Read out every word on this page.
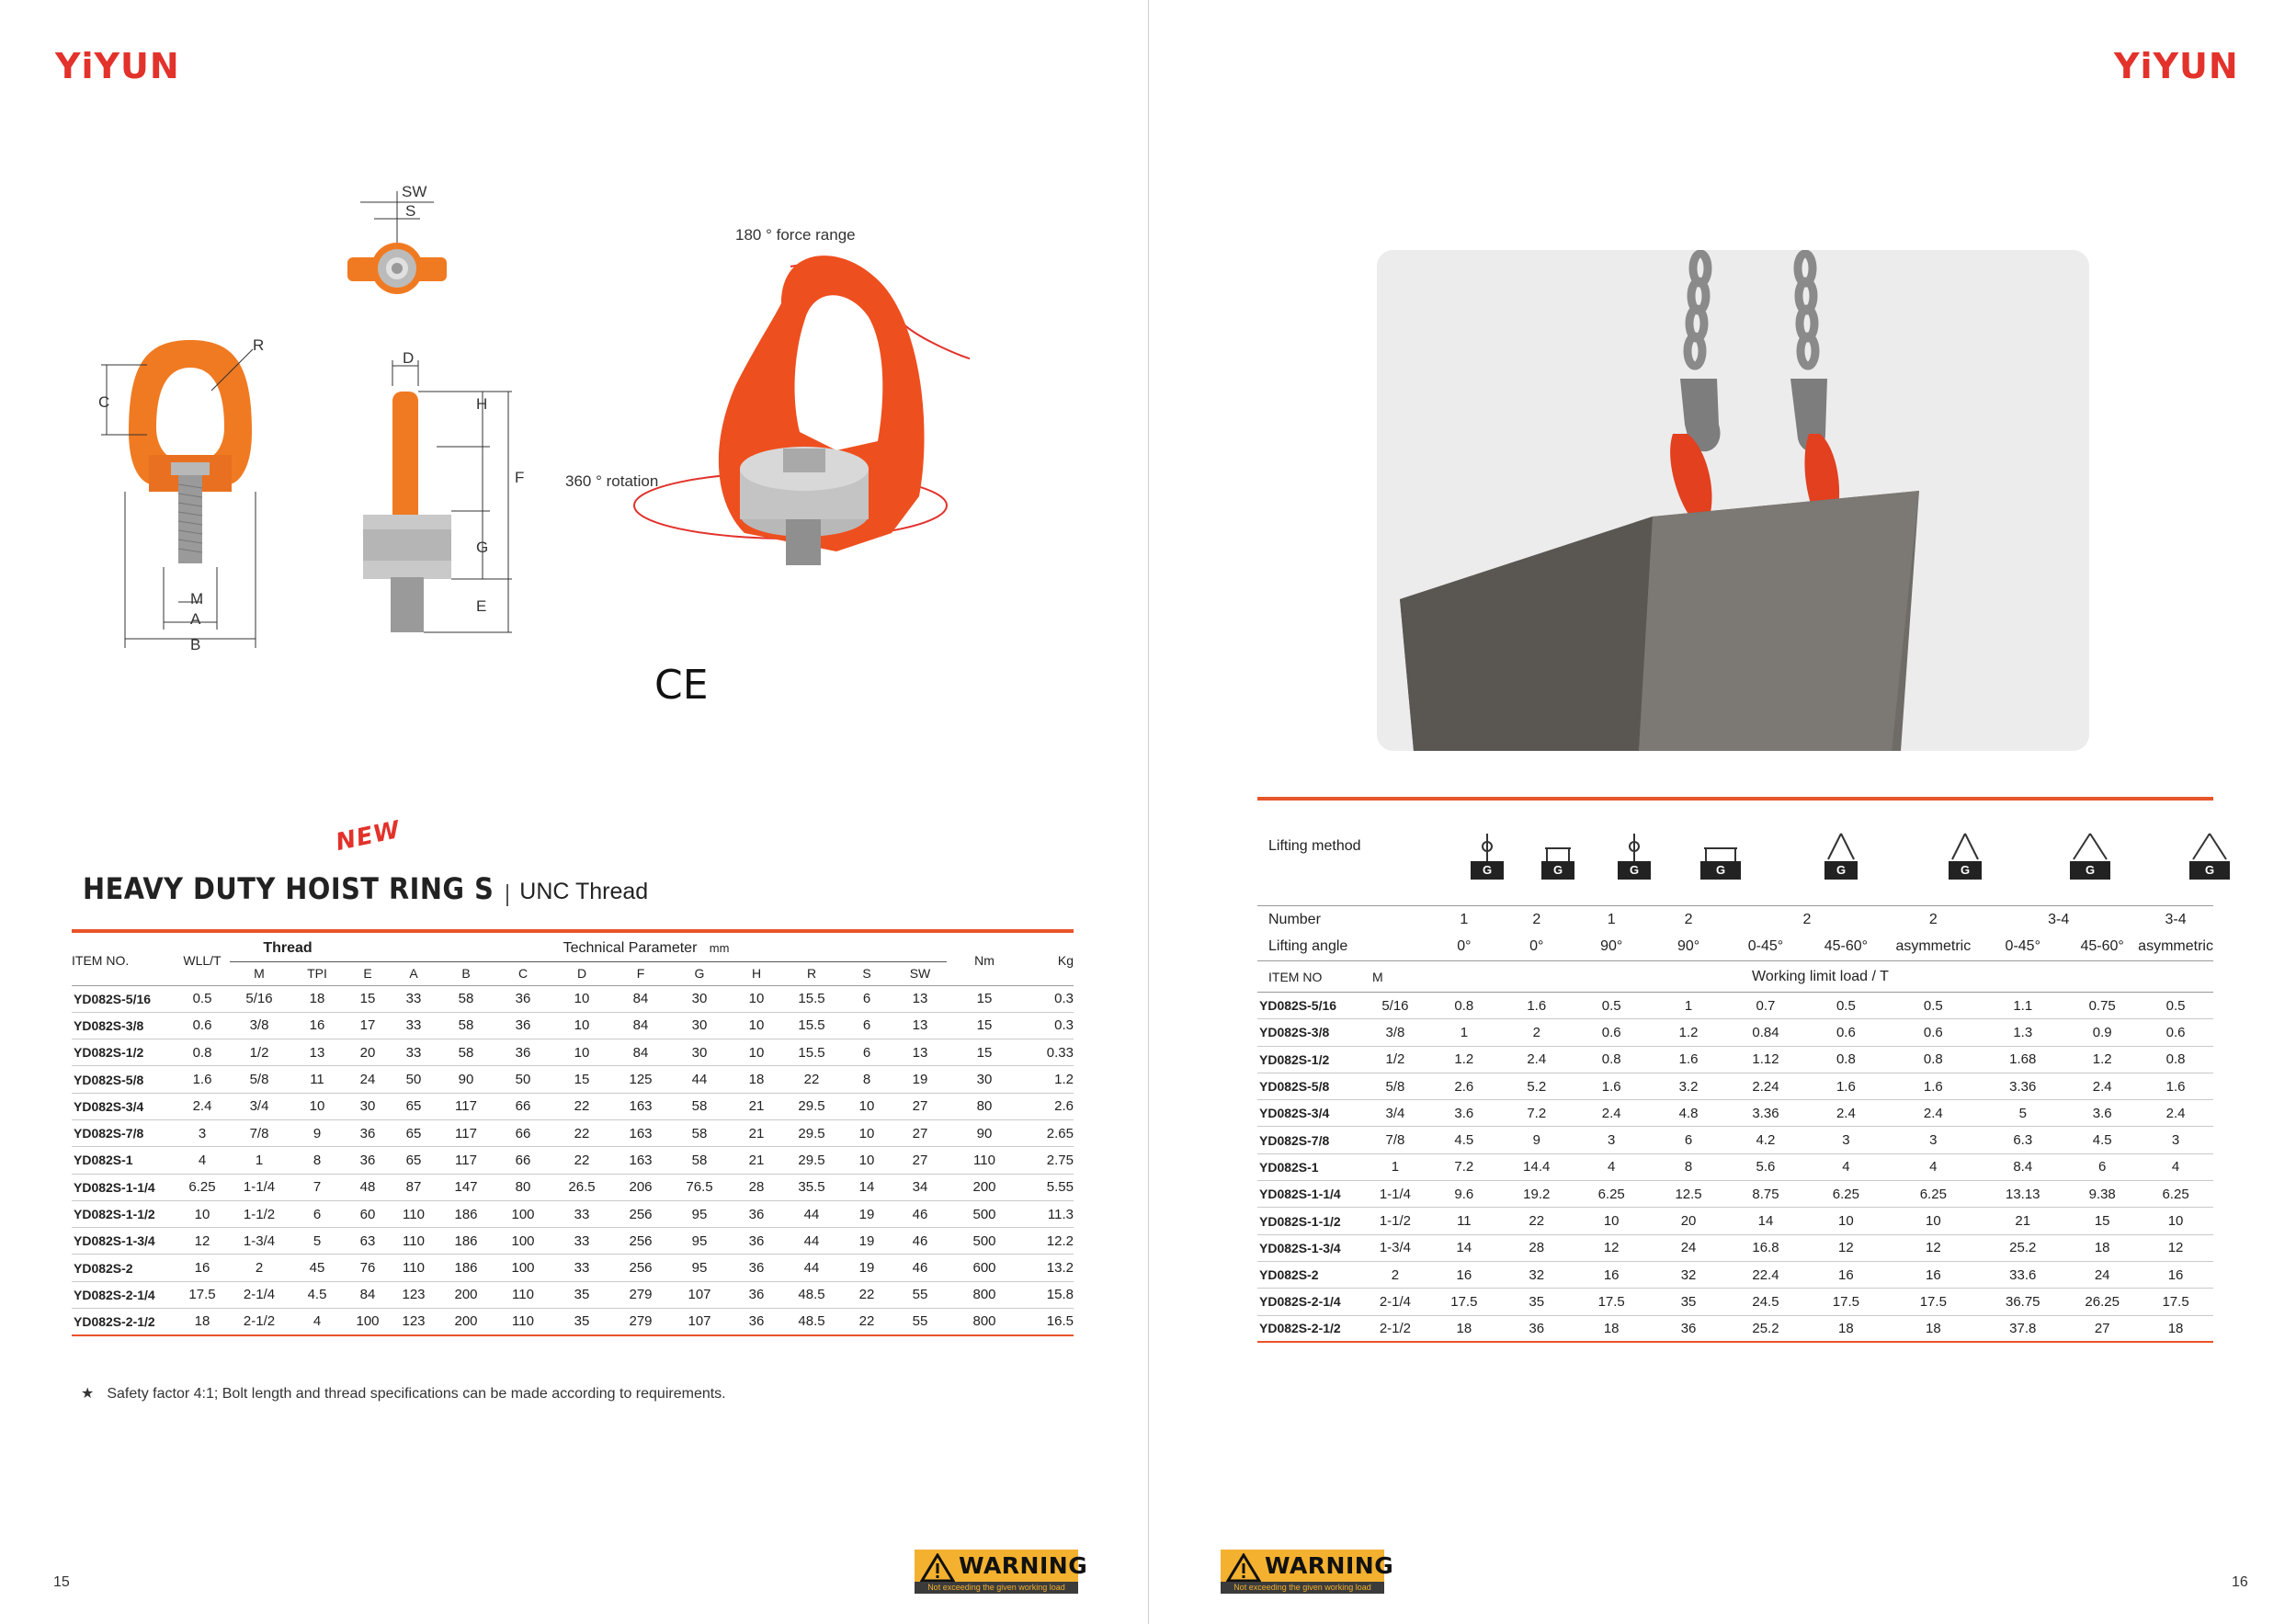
YiYUN
C
R
M
A
B
SW
S
D
H
F
G
E
180 ° force range
360 ° rotation
CE
NEW
HEAVY DUTY HOIST RING S UNC Thread
ITEM NO.	WLL/T	Thread		Technical Parameter mm											Nm	Kg
		M	TPI	E	A	B	C	D	F	G	H	R	S	SW		
YD082S-5/16	0.5	5/16	18	15	33	58	36	10	84	30	10	15.5	6	13	15	0.3
YD082S-3/8	0.6	3/8	16	17	33	58	36	10	84	30	10	15.5	6	13	15	0.3
YD082S-1/2	0.8	1/2	13	20	33	58	36	10	84	30	10	15.5	6	13	15	0.33
YD082S-5/8	1.6	5/8	11	24	50	90	50	15	125	44	18	22	8	19	30	1.2
YD082S-3/4	2.4	3/4	10	30	65	117	66	22	163	58	21	29.5	10	27	80	2.6
YD082S-7/8	3	7/8	9	36	65	117	66	22	163	58	21	29.5	10	27	90	2.65
YD082S-1	4	1	8	36	65	117	66	22	163	58	21	29.5	10	27	110	2.75
YD082S-1-1/4	6.25	1-1/4	7	48	87	147	80	26.5	206	76.5	28	35.5	14	34	200	5.55
YD082S-1-1/2	10	1-1/2	6	60	110	186	100	33	256	95	36	44	19	46	500	11.3
YD082S-1-3/4	12	1-3/4	5	63	110	186	100	33	256	95	36	44	19	46	500	12.2
YD082S-2	16	2	45	76	110	186	100	33	256	95	36	44	19	46	600	13.2
YD082S-2-1/4	17.5	2-1/4	4.5	84	123	200	110	35	279	107	36	48.5	22	55	800	15.8
YD082S-2-1/2	18	2-1/2	4	100	123	200	110	35	279	107	36	48.5	22	55	800	16.5
★ Safety factor 4:1; Bolt length and thread specifications can be made according to requirements.
WARNING
Not exceeding the given working load
15
YiYUN
Lifting method
G	G	G	G	G	G	G	G
Number		1	2	1	2	2		2	3-4		3-4
Lifting angle		0°	0°	90°	90°	0-45°	45-60°	asymmetric	0-45°	45-60°	asymmetric
ITEM NO	M	Working limit load / T									
YD082S-5/16	5/16	0.8	1.6	0.5	1	0.7	0.5	0.5	1.1	0.75	0.5
YD082S-3/8	3/8	1	2	0.6	1.2	0.84	0.6	0.6	1.3	0.9	0.6
YD082S-1/2	1/2	1.2	2.4	0.8	1.6	1.12	0.8	0.8	1.68	1.2	0.8
YD082S-5/8	5/8	2.6	5.2	1.6	3.2	2.24	1.6	1.6	3.36	2.4	1.6
YD082S-3/4	3/4	3.6	7.2	2.4	4.8	3.36	2.4	2.4	5	3.6	2.4
YD082S-7/8	7/8	4.5	9	3	6	4.2	3	3	6.3	4.5	3
YD082S-1	1	7.2	14.4	4	8	5.6	4	4	8.4	6	4
YD082S-1-1/4	1-1/4	9.6	19.2	6.25	12.5	8.75	6.25	6.25	13.13	9.38	6.25
YD082S-1-1/2	1-1/2	11	22	10	20	14	10	10	21	15	10
YD082S-1-3/4	1-3/4	14	28	12	24	16.8	12	12	25.2	18	12
YD082S-2	2	16	32	16	32	22.4	16	16	33.6	24	16
YD082S-2-1/4	2-1/4	17.5	35	17.5	35	24.5	17.5	17.5	36.75	26.25	17.5
YD082S-2-1/2	2-1/2	18	36	18	36	25.2	18	18	37.8	27	18
WARNING
Not exceeding the given working load	16
